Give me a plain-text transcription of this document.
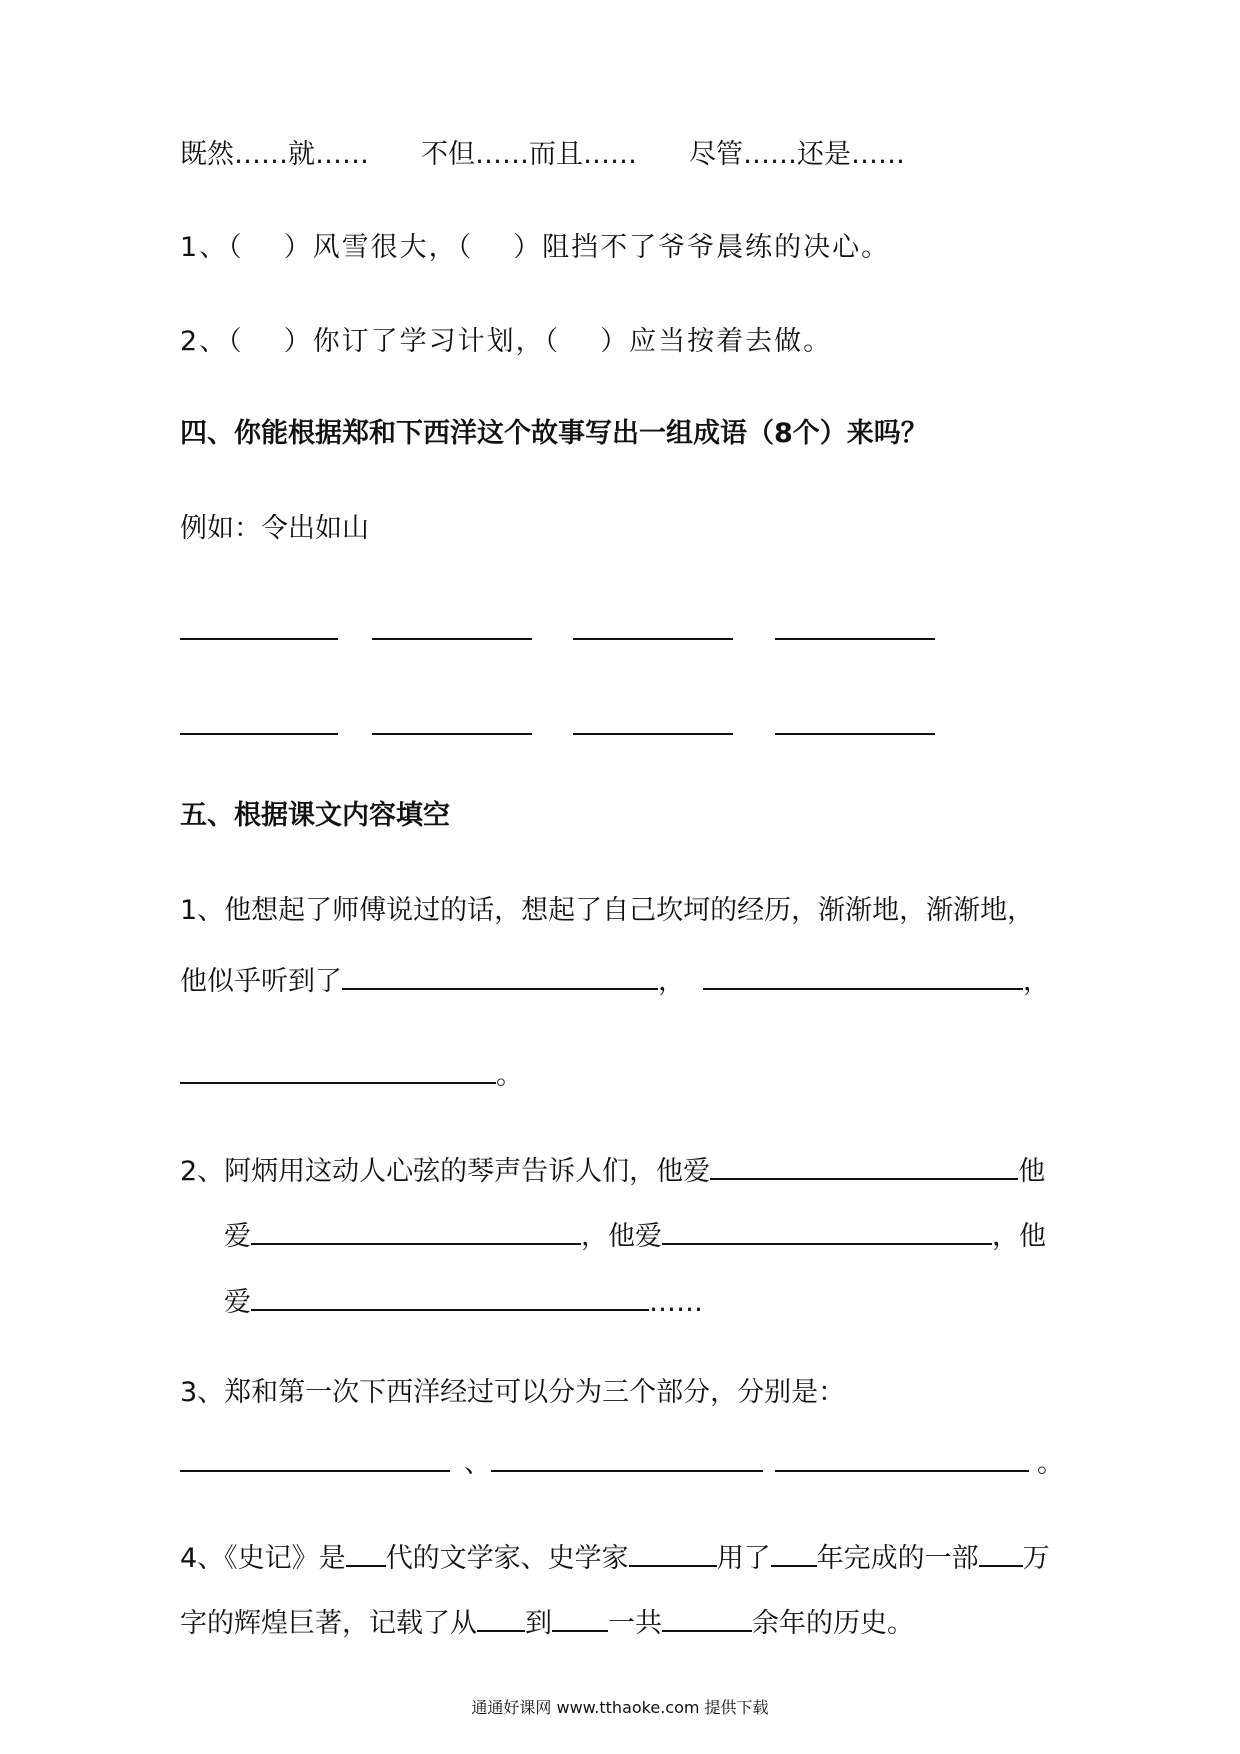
既然……就…… 不但……而且…… 尽管……还是……
1、（ ）风雪很大，（ ）阻挡不了爷爷晨练的决心。
2、（ ）你订了学习计划，（ ）应当按着去做。
四、你能根据郑和下西洋这个故事写出一组成语（8个）来吗？
例如：令出如山
五、根据课文内容填空
1、他想起了师傅说过的话，想起了自己坎坷的经历，渐渐地，渐渐地，
他似乎听到了	，	，
。
2、阿炳用这动人心弦的琴声告诉人们，他爱	他
爱	，他爱	，他
爱	……
3、郑和第一次下西洋经过可以分为三个部分，分别是：
、	。
4、《史记》是 代的文学家、史学家	用了 年完成的一部 万
字的辉煌巨著，记载了从 到 一共	余年的历史。
通通好课网 www.tthaoke.com 提供下载
